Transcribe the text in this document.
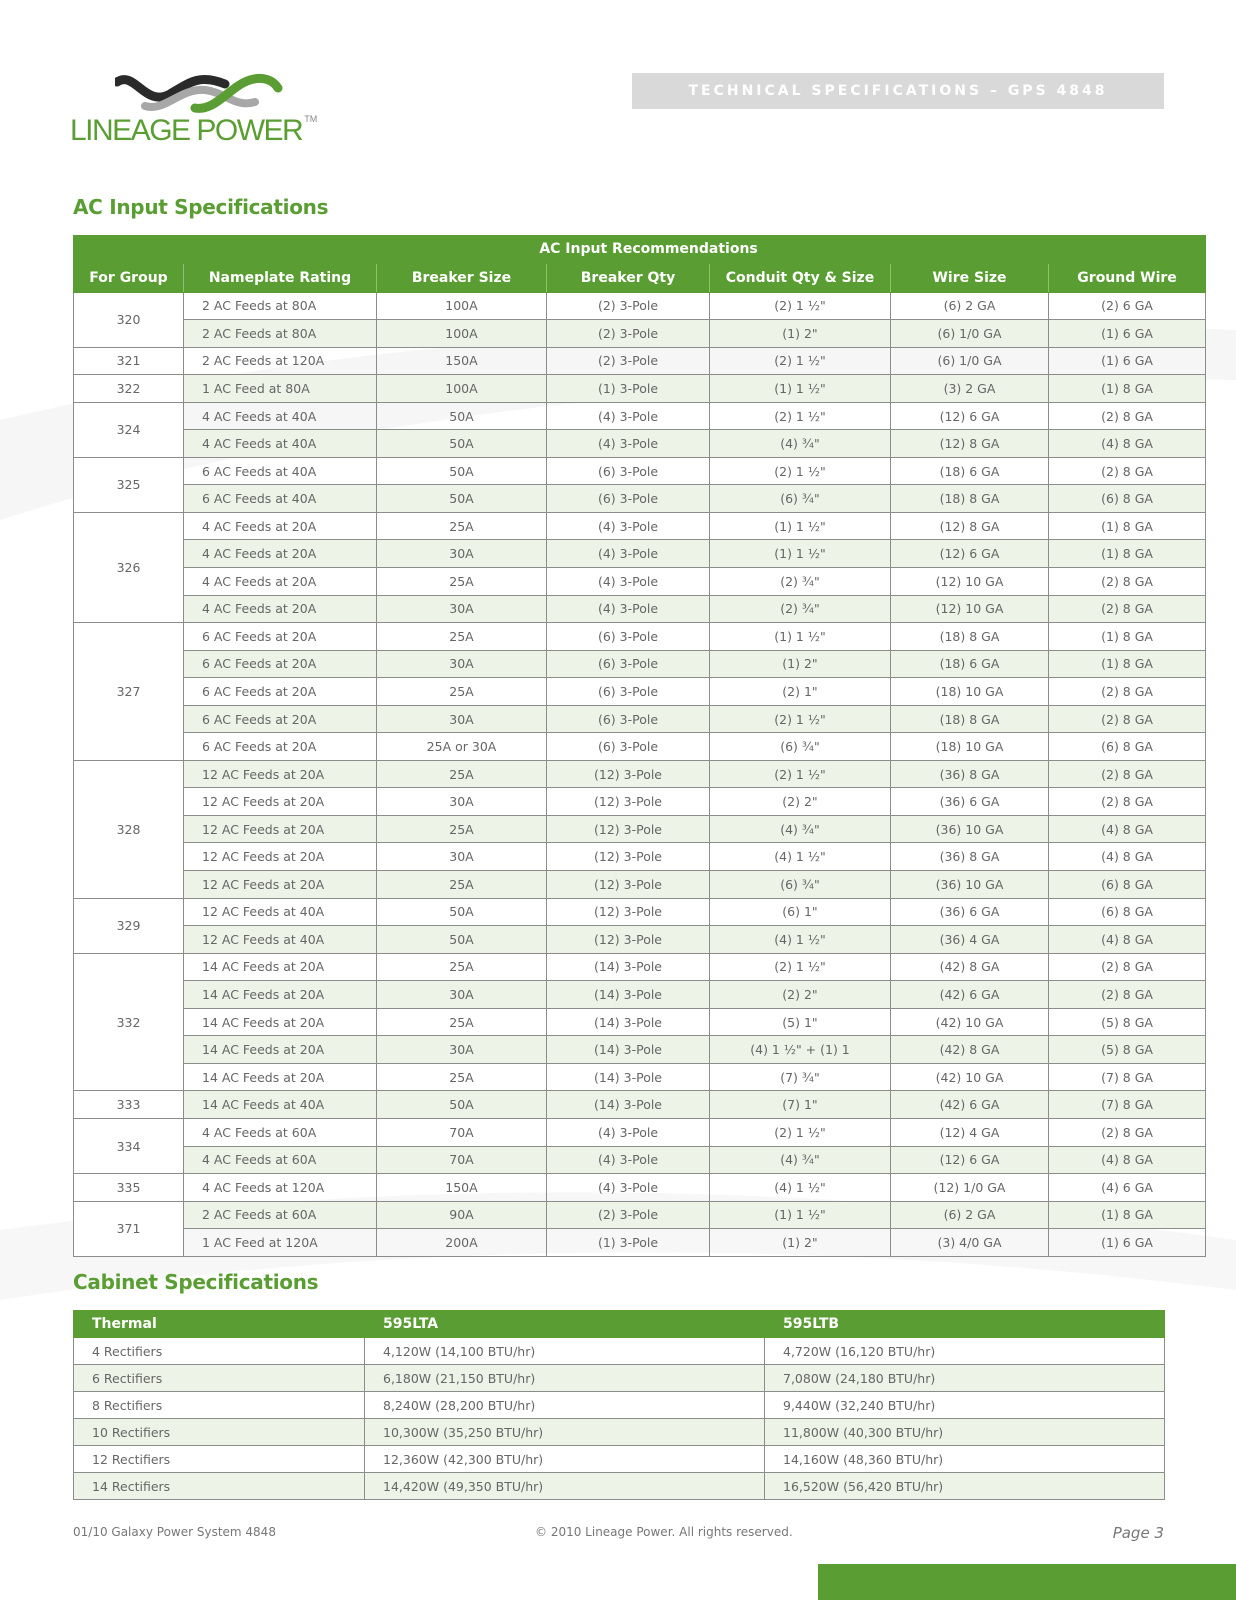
LINEAGE POWER ™
TECHNICAL SPECIFICATIONS – GPS 4848
AC Input Specifications
AC Input Recommendations						
For Group	Nameplate Rating	Breaker Size	Breaker Qty	Conduit Qty & Size	Wire Size	Ground Wire
320	2 AC Feeds at 80A	100A	(2) 3-Pole	(2) 1 ½"	(6) 2 GA	(2) 6 GA
	2 AC Feeds at 80A	100A	(2) 3-Pole	(1) 2"	(6) 1/0 GA	(1) 6 GA
321	2 AC Feeds at 120A	150A	(2) 3-Pole	(2) 1 ½"	(6) 1/0 GA	(1) 6 GA
322	1 AC Feed at 80A	100A	(1) 3-Pole	(1) 1 ½"	(3) 2 GA	(1) 8 GA
324	4 AC Feeds at 40A	50A	(4) 3-Pole	(2) 1 ½"	(12) 6 GA	(2) 8 GA
	4 AC Feeds at 40A	50A	(4) 3-Pole	(4) ¾"	(12) 8 GA	(4) 8 GA
325	6 AC Feeds at 40A	50A	(6) 3-Pole	(2) 1 ½"	(18) 6 GA	(2) 8 GA
	6 AC Feeds at 40A	50A	(6) 3-Pole	(6) ¾"	(18) 8 GA	(6) 8 GA
326	4 AC Feeds at 20A	25A	(4) 3-Pole	(1) 1 ½"	(12) 8 GA	(1) 8 GA
	4 AC Feeds at 20A	30A	(4) 3-Pole	(1) 1 ½"	(12) 6 GA	(1) 8 GA
	4 AC Feeds at 20A	25A	(4) 3-Pole	(2) ¾"	(12) 10 GA	(2) 8 GA
	4 AC Feeds at 20A	30A	(4) 3-Pole	(2) ¾"	(12) 10 GA	(2) 8 GA
327	6 AC Feeds at 20A	25A	(6) 3-Pole	(1) 1 ½"	(18) 8 GA	(1) 8 GA
	6 AC Feeds at 20A	30A	(6) 3-Pole	(1) 2"	(18) 6 GA	(1) 8 GA
	6 AC Feeds at 20A	25A	(6) 3-Pole	(2) 1"	(18) 10 GA	(2) 8 GA
	6 AC Feeds at 20A	30A	(6) 3-Pole	(2) 1 ½"	(18) 8 GA	(2) 8 GA
	6 AC Feeds at 20A	25A or 30A	(6) 3-Pole	(6) ¾"	(18) 10 GA	(6) 8 GA
328	12 AC Feeds at 20A	25A	(12) 3-Pole	(2) 1 ½"	(36) 8 GA	(2) 8 GA
	12 AC Feeds at 20A	30A	(12) 3-Pole	(2) 2"	(36) 6 GA	(2) 8 GA
	12 AC Feeds at 20A	25A	(12) 3-Pole	(4) ¾"	(36) 10 GA	(4) 8 GA
	12 AC Feeds at 20A	30A	(12) 3-Pole	(4) 1 ½"	(36) 8 GA	(4) 8 GA
	12 AC Feeds at 20A	25A	(12) 3-Pole	(6) ¾"	(36) 10 GA	(6) 8 GA
329	12 AC Feeds at 40A	50A	(12) 3-Pole	(6) 1"	(36) 6 GA	(6) 8 GA
	12 AC Feeds at 40A	50A	(12) 3-Pole	(4) 1 ½"	(36) 4 GA	(4) 8 GA
332	14 AC Feeds at 20A	25A	(14) 3-Pole	(2) 1 ½"	(42) 8 GA	(2) 8 GA
	14 AC Feeds at 20A	30A	(14) 3-Pole	(2) 2"	(42) 6 GA	(2) 8 GA
	14 AC Feeds at 20A	25A	(14) 3-Pole	(5) 1"	(42) 10 GA	(5) 8 GA
	14 AC Feeds at 20A	30A	(14) 3-Pole	(4) 1 ½" + (1) 1	(42) 8 GA	(5) 8 GA
	14 AC Feeds at 20A	25A	(14) 3-Pole	(7) ¾"	(42) 10 GA	(7) 8 GA
333	14 AC Feeds at 40A	50A	(14) 3-Pole	(7) 1"	(42) 6 GA	(7) 8 GA
334	4 AC Feeds at 60A	70A	(4) 3-Pole	(2) 1 ½"	(12) 4 GA	(2) 8 GA
	4 AC Feeds at 60A	70A	(4) 3-Pole	(4) ¾"	(12) 6 GA	(4) 8 GA
335	4 AC Feeds at 120A	150A	(4) 3-Pole	(4) 1 ½"	(12) 1/0 GA	(4) 6 GA
371	2 AC Feeds at 60A	90A	(2) 3-Pole	(1) 1 ½"	(6) 2 GA	(1) 8 GA
	1 AC Feed at 120A	200A	(1) 3-Pole	(1) 2"	(3) 4/0 GA	(1) 6 GA
Cabinet Specifications
Thermal	595LTA	595LTB
4 Rectifiers	4,120W (14,100 BTU/hr)	4,720W (16,120 BTU/hr)
6 Rectifiers	6,180W (21,150 BTU/hr)	7,080W (24,180 BTU/hr)
8 Rectifiers	8,240W (28,200 BTU/hr)	9,440W (32,240 BTU/hr)
10 Rectifiers	10,300W (35,250 BTU/hr)	11,800W (40,300 BTU/hr)
12 Rectifiers	12,360W (42,300 BTU/hr)	14,160W (48,360 BTU/hr)
14 Rectifiers	14,420W (49,350 BTU/hr)	16,520W (56,420 BTU/hr)
01/10 Galaxy Power System 4848	© 2010 Lineage Power. All rights reserved.	Page 3
